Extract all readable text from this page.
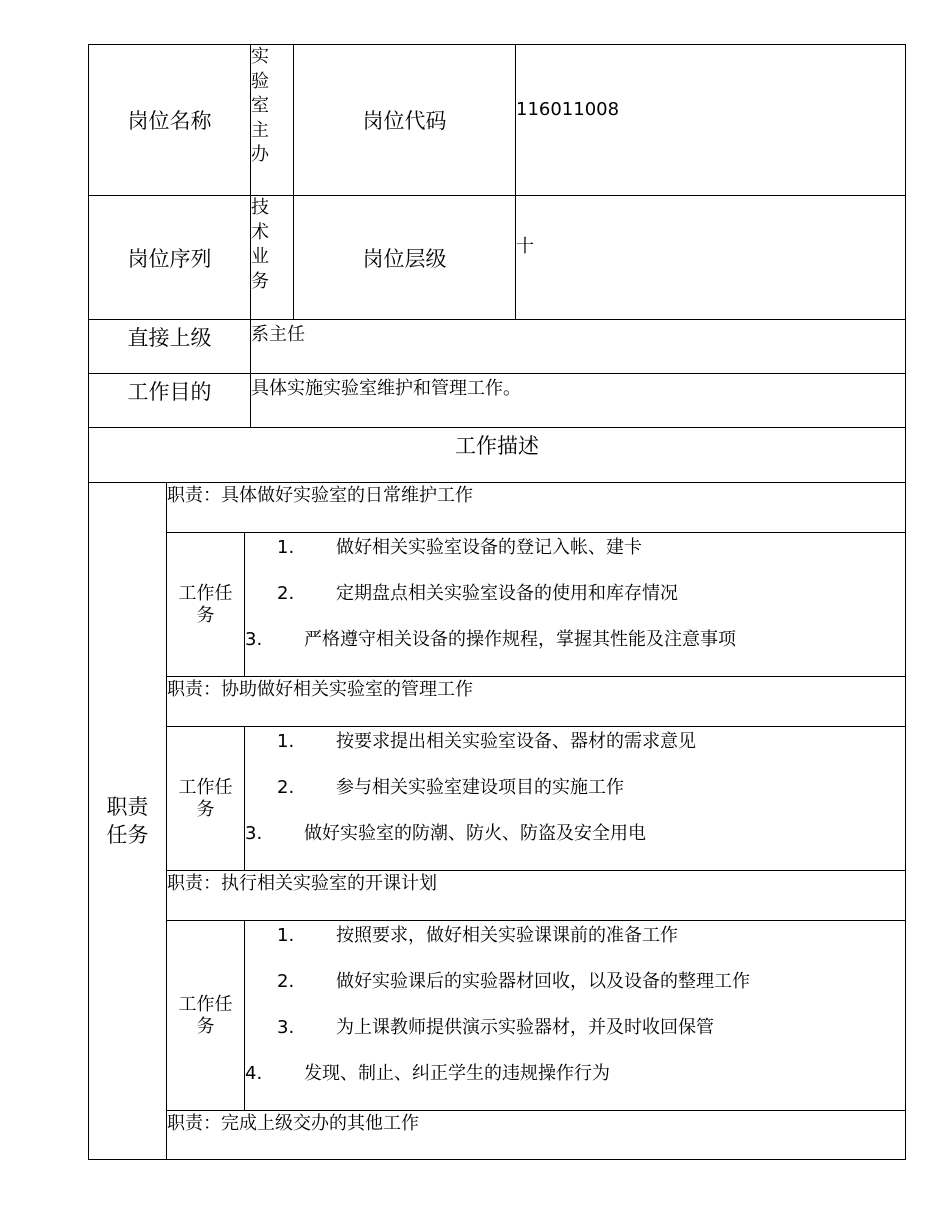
岗位名称
实验室主办
岗位代码	116011008
岗位序列
技术业务
岗位层级	十
直接上级 系主任
工作目的 具体实施实验室维护和管理工作。
工作描述
职责
任务
职责：具体做好实验室的日常维护工作
工作任务
1. 做好相关实验室设备的登记入帐、建卡
2. 定期盘点相关实验室设备的使用和库存情况
3. 严格遵守相关设备的操作规程，掌握其性能及注意事项
职责：协助做好相关实验室的管理工作
工作任务
1. 按要求提出相关实验室设备、器材的需求意见
2. 参与相关实验室建设项目的实施工作
3. 做好实验室的防潮、防火、防盗及安全用电
职责：执行相关实验室的开课计划
工作任务
1. 按照要求，做好相关实验课课前的准备工作
2. 做好实验课后的实验器材回收，以及设备的整理工作
3. 为上课教师提供演示实验器材，并及时收回保管
4. 发现、制止、纠正学生的违规操作行为
职责：完成上级交办的其他工作
